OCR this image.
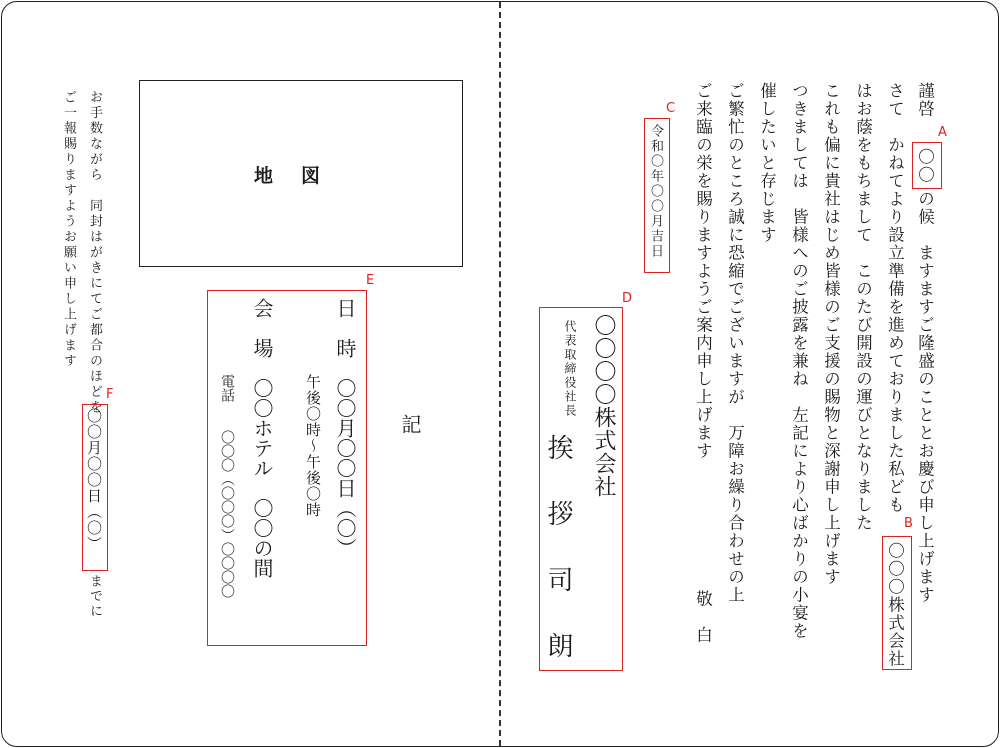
謹啓
〇〇
A
の候　ますますご隆盛のこととお慶び申し上げます
さて　かねてより設立準備を進めておりました私ども
〇〇〇株式会社
B
はお蔭をもちまして　このたび開設の運びとなりました
これも偏に貴社はじめ皆様のご支援の賜物と深謝申し上げます
つきましては　皆様へのご披露を兼ね　左記により心ばかりの小宴を
催したいと存じます
ご繁忙のところ誠に恐縮でございますが　万障お繰り合わせの上
ご来臨の栄を賜りますようご案内申し上げます
敬　白
令和〇年〇〇月吉日
C
D
〇〇〇〇株式会社
代表取締役社長
挨
拶
司
朗
記
E
日　時
〇〇月〇〇日（〇）
午後〇時～午後〇時
会　場
〇〇ホテル　〇〇の間
電話
〇〇〇（〇〇〇）〇〇〇〇
地図
お手数ながら　同封はがきにてご都合のほどを
ご一報賜りますようお願い申し上げます
〇〇月〇〇日（〇）
F
までに
